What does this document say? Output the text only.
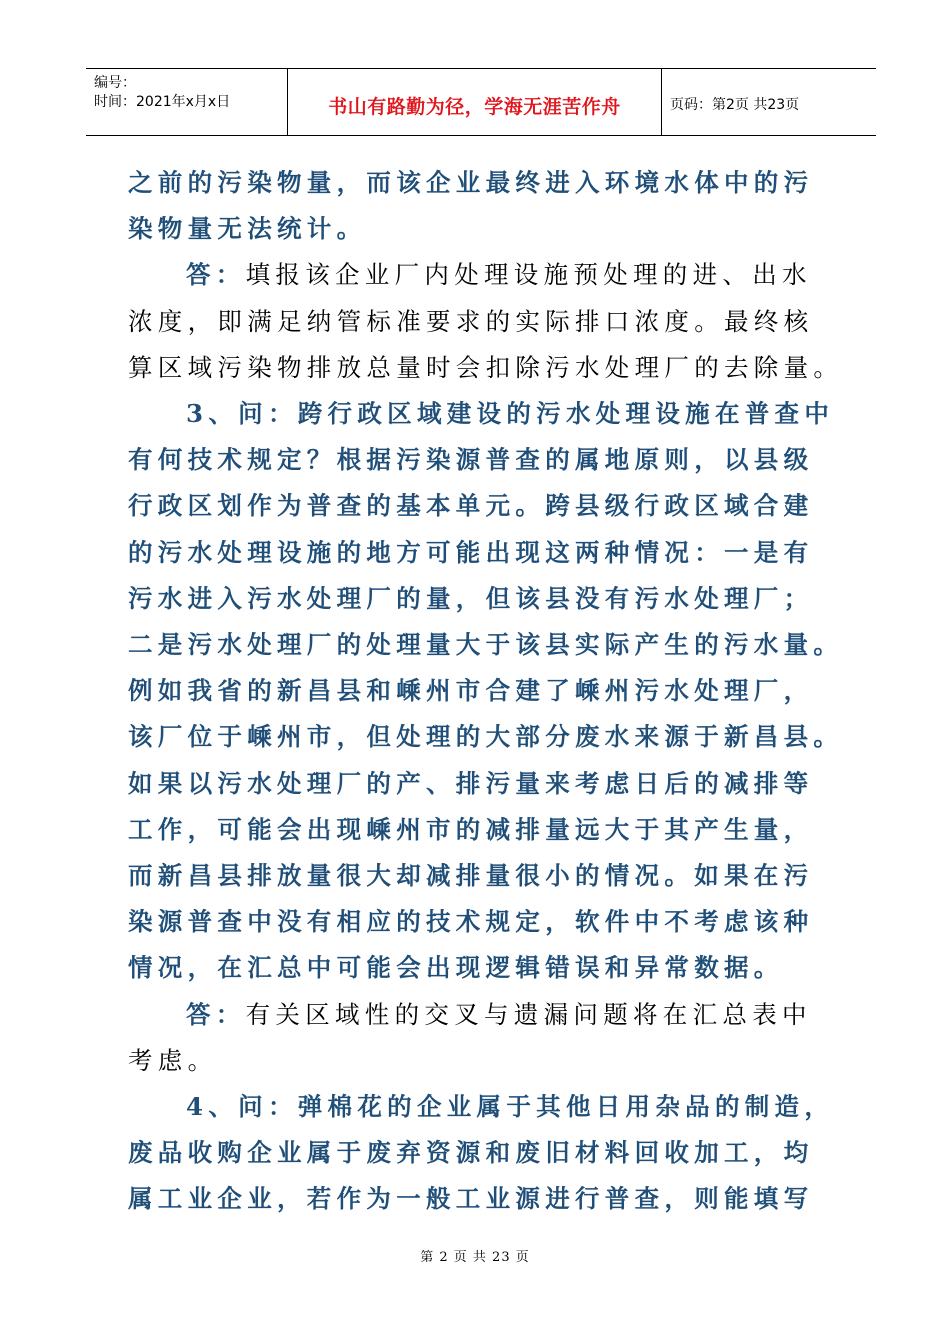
编号：
时间：2021年x月x日	书山有路勤为径，学海无涯苦作舟	页码：第2页 共23页

之前的污染物量，而该企业最终进入环境水体中的污

染物量无法统计。

答：填报该企业厂内处理设施预处理的进、出水

浓度，即满足纳管标准要求的实际排口浓度。最终核

算区域污染物排放总量时会扣除污水处理厂的去除量。

3、问：跨行政区域建设的污水处理设施在普查中

有何技术规定？根据污染源普查的属地原则，以县级

行政区划作为普查的基本单元。跨县级行政区域合建

的污水处理设施的地方可能出现这两种情况：一是有

污水进入污水处理厂的量，但该县没有污水处理厂；

二是污水处理厂的处理量大于该县实际产生的污水量。

例如我省的新昌县和嵊州市合建了嵊州污水处理厂，

该厂位于嵊州市，但处理的大部分废水来源于新昌县。

如果以污水处理厂的产、排污量来考虑日后的减排等

工作，可能会出现嵊州市的减排量远大于其产生量，

而新昌县排放量很大却减排量很小的情况。如果在污

染源普查中没有相应的技术规定，软件中不考虑该种

情况，在汇总中可能会出现逻辑错误和异常数据。

答：有关区域性的交叉与遗漏问题将在汇总表中

考虑。

4、问：弹棉花的企业属于其他日用杂品的制造，

废品收购企业属于废弃资源和废旧材料回收加工，均

属工业企业，若作为一般工业源进行普查，则能填写

第 2 页 共 23 页
